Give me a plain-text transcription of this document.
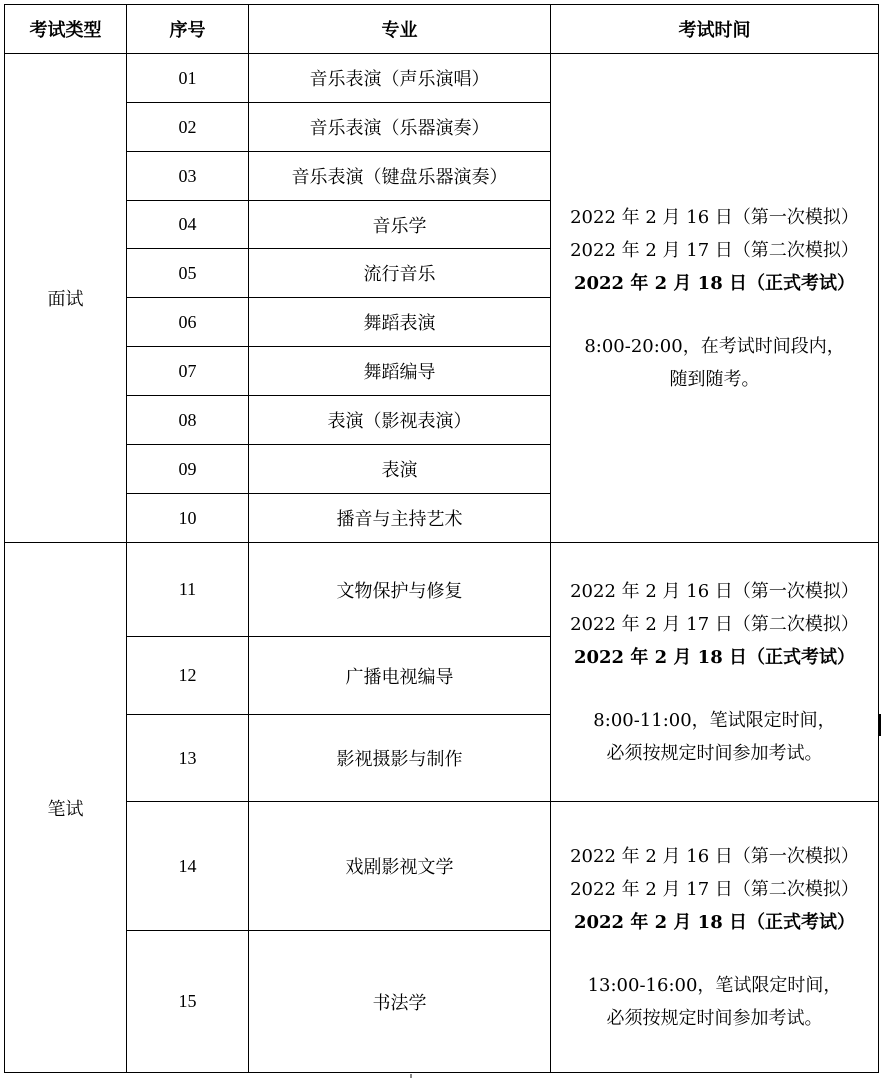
考试类型	序号	专业	考试时间
面试	01	音乐表演（声乐演唱）	2022 年 2 月 16 日（第一次模拟）
2022 年 2 月 17 日（第二次模拟）
2022 年 2 月 18 日（正式考试）
8:00-20:00，在考试时间段内，
随到随考。

	02	音乐表演（乐器演奏）	
	03	音乐表演（键盘乐器演奏）	
	04	音乐学	
	05	流行音乐	
	06	舞蹈表演	
	07	舞蹈编导	
	08	表演（影视表演）	
	09	表演	
	10	播音与主持艺术	
笔试	11	文物保护与修复	2022 年 2 月 16 日（第一次模拟）
2022 年 2 月 17 日（第二次模拟）
2022 年 2 月 18 日（正式考试）
8:00-11:00，笔试限定时间，
必须按规定时间参加考试。

	12	广播电视编导	
	13	影视摄影与制作	
	14	戏剧影视文学	2022 年 2 月 16 日（第一次模拟）
2022 年 2 月 17 日（第二次模拟）
2022 年 2 月 18 日（正式考试）
13:00-16:00，笔试限定时间，
必须按规定时间参加考试。

	15	书法学	
